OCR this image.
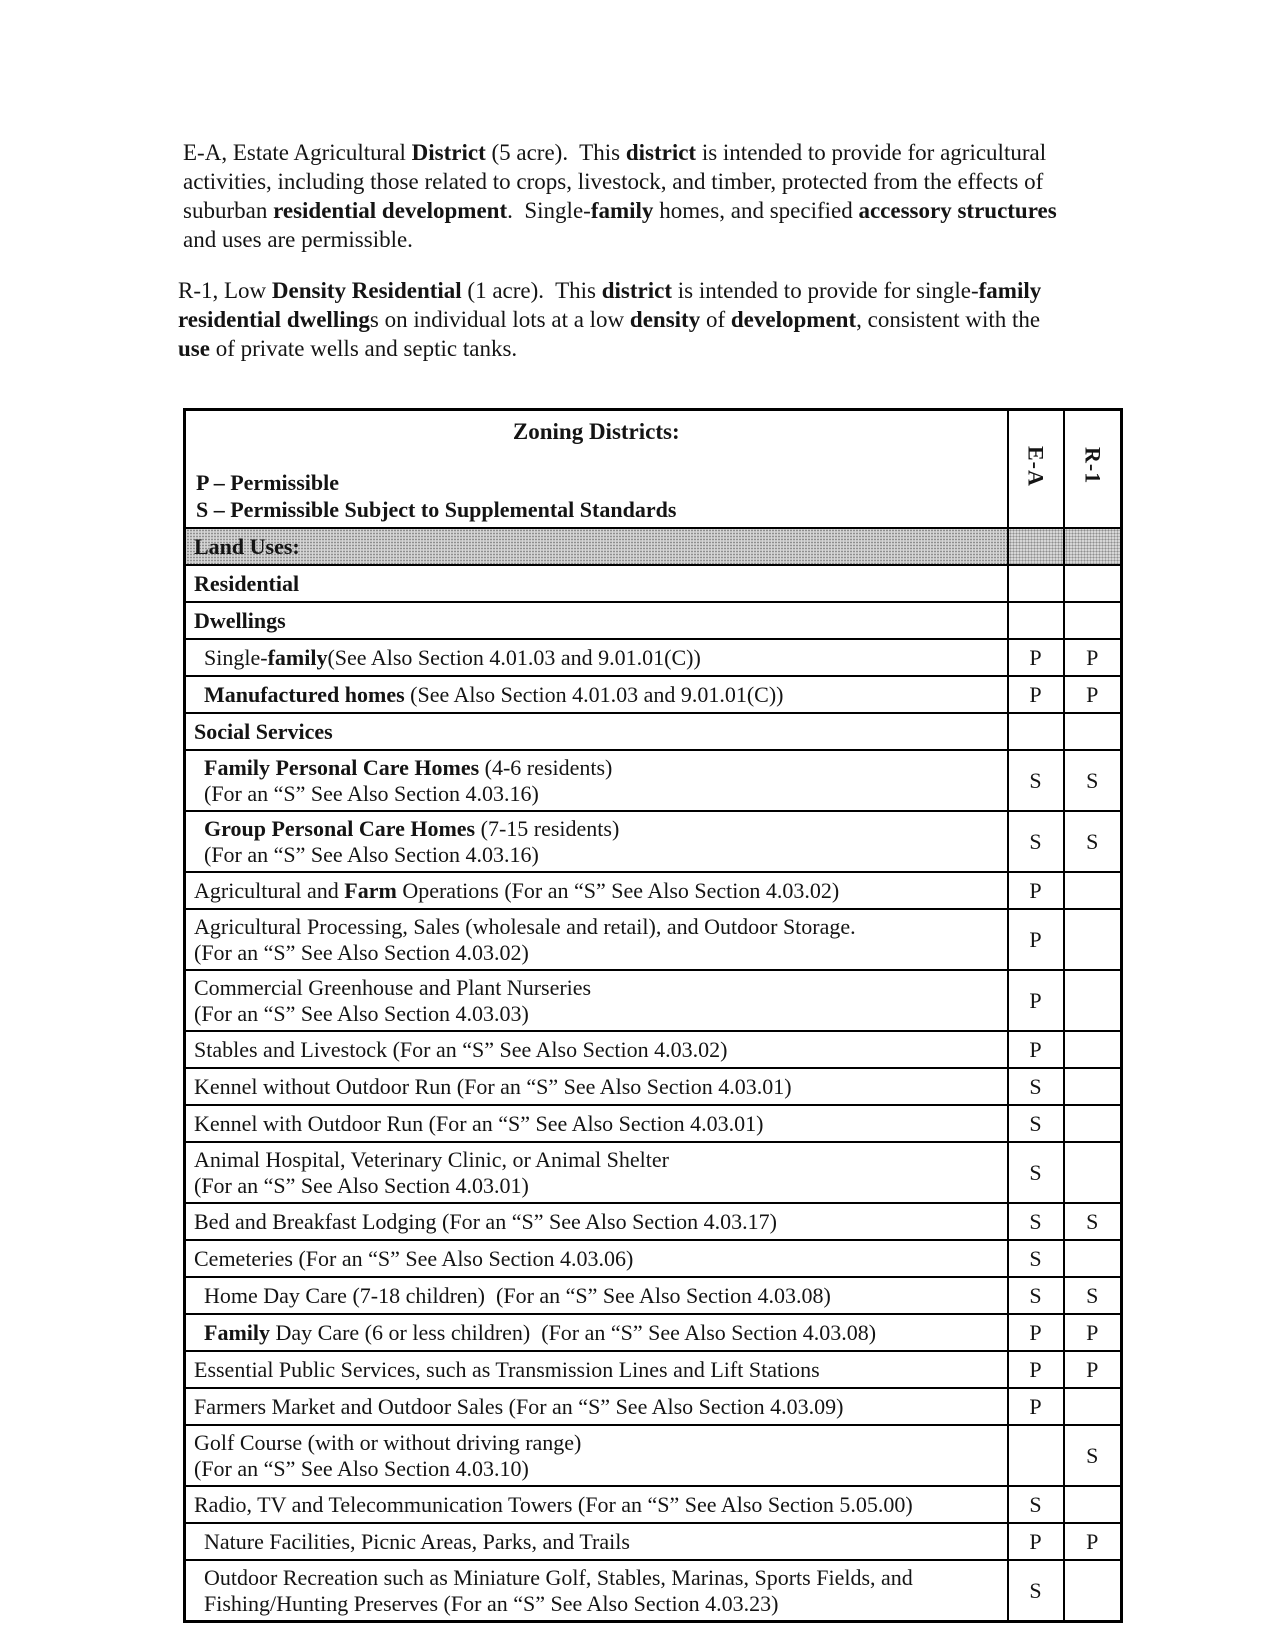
E-A, Estate Agricultural District (5 acre).  This district is intended to provide for agricultural
activities, including those related to crops, livestock, and timber, protected from the effects of
suburban residential development.  Single-family homes, and specified accessory structures
and uses are permissible.
R-1, Low Density Residential (1 acre).  This district is intended to provide for single-family
residential dwellings on individual lots at a low density of development, consistent with the
use of private wells and septic tanks.
Zoning Districts:
P – Permissible
S – Permissible Subject to Supplemental Standards	E-A	R-1

Land Uses:		

Residential		

Dwellings		

Single-family(See Also Section 4.01.03 and 9.01.01(C))	P	P

Manufactured homes (See Also Section 4.01.03 and 9.01.01(C))	P	P

Social Services		

Family Personal Care Homes (4-6 residents)
(For an “S” See Also Section 4.03.16)	S	S

Group Personal Care Homes (7-15 residents)
(For an “S” See Also Section 4.03.16)	S	S

Agricultural and Farm Operations (For an “S” See Also Section 4.03.02)	P	

Agricultural Processing, Sales (wholesale and retail), and Outdoor Storage.
(For an “S” See Also Section 4.03.02)	P	

Commercial Greenhouse and Plant Nurseries
(For an “S” See Also Section 4.03.03)	P	

Stables and Livestock (For an “S” See Also Section 4.03.02)	P	

Kennel without Outdoor Run (For an “S” See Also Section 4.03.01)	S	

Kennel with Outdoor Run (For an “S” See Also Section 4.03.01)	S	

Animal Hospital, Veterinary Clinic, or Animal Shelter
(For an “S” See Also Section 4.03.01)	S	

Bed and Breakfast Lodging (For an “S” See Also Section 4.03.17)	S	S

Cemeteries (For an “S” See Also Section 4.03.06)	S	

Home Day Care (7-18 children)  (For an “S” See Also Section 4.03.08)	S	S

Family Day Care (6 or less children)  (For an “S” See Also Section 4.03.08)	P	P

Essential Public Services, such as Transmission Lines and Lift Stations	P	P

Farmers Market and Outdoor Sales (For an “S” See Also Section 4.03.09)	P	

Golf Course (with or without driving range)
(For an “S” See Also Section 4.03.10)		S

Radio, TV and Telecommunication Towers (For an “S” See Also Section 5.05.00)	S	

Nature Facilities, Picnic Areas, Parks, and Trails	P	P

Outdoor Recreation such as Miniature Golf, Stables, Marinas, Sports Fields, and
Fishing/Hunting Preserves (For an “S” See Also Section 4.03.23)	S	
